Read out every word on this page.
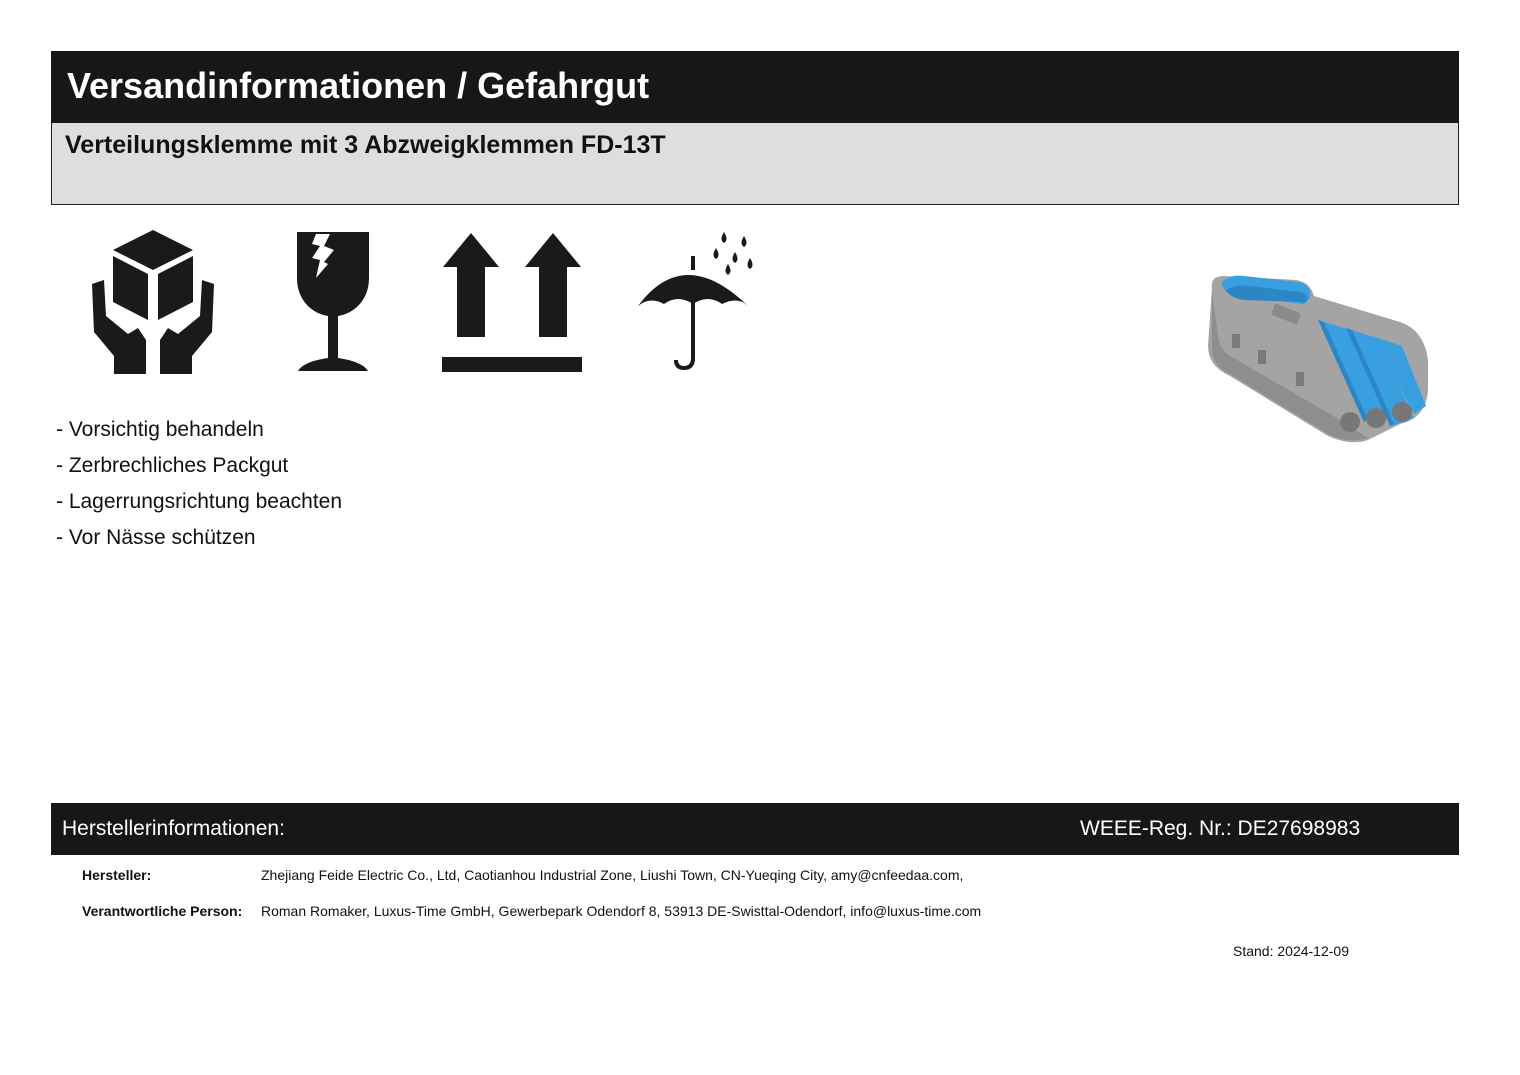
Versandinformationen / Gefahrgut
Verteilungsklemme mit 3 Abzweigklemmen FD-13T
- Vorsichtig behandeln
- Zerbrechliches Packgut
- Lagerrungsrichtung beachten
- Vor Nässe schützen
Herstellerinformationen:	WEEE-Reg. Nr.: DE27698983
Hersteller:	Zhejiang Feide Electric Co., Ltd, Caotianhou Industrial Zone, Liushi Town, CN-Yueqing City, amy@cnfeedaa.com,
Verantwortliche Person: Roman Romaker, Luxus-Time GmbH, Gewerbepark Odendorf 8, 53913 DE-Swisttal-Odendorf, info@luxus-time.com
Stand: 2024-12-09
